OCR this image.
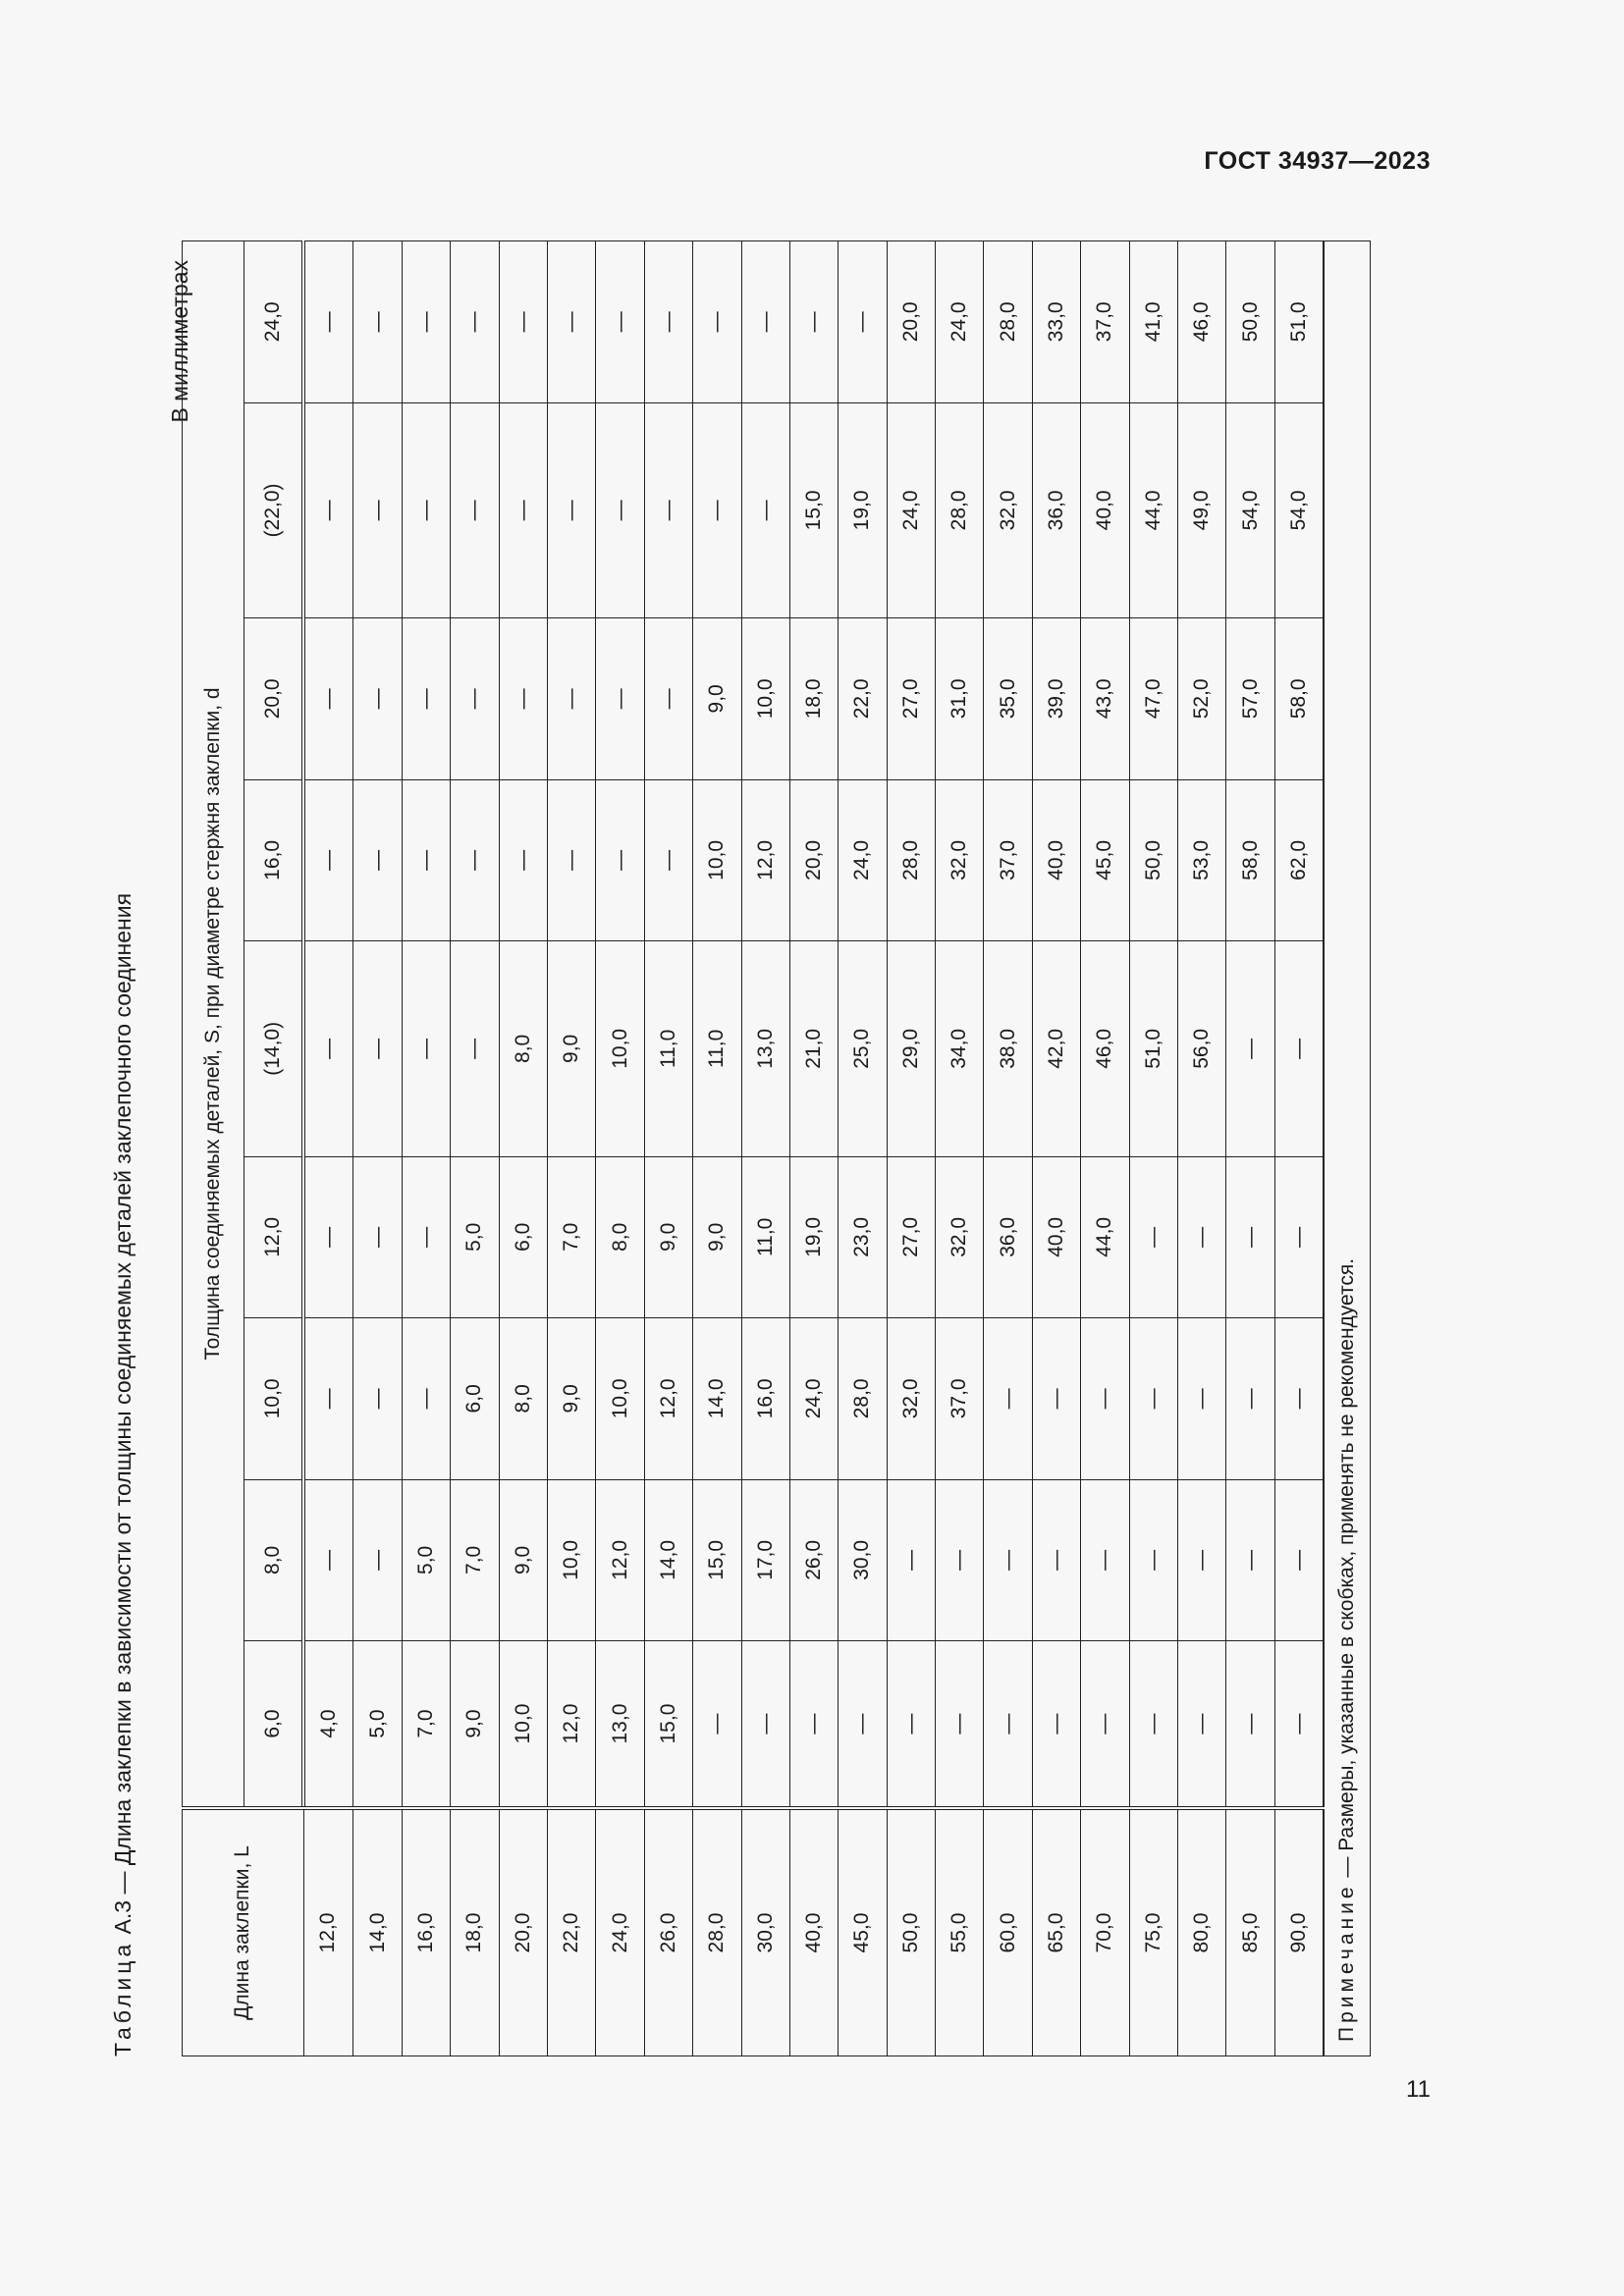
ГОСТ 34937—2023
Таблица А.3 — Длина заклепки в зависимости от толщины соединяемых деталей заклепочного соединения
В миллиметрах
Длина заклепки, L	Толщина соединяемых деталей, S, при диаметре стержня заклепки, d								
	6,0	8,0	10,0	12,0	(14,0)	16,0	20,0	(22,0)	24,0
12,0	4,0	—	—	—	—	—	—	—	—
14,0	5,0	—	—	—	—	—	—	—	—
16,0	7,0	5,0	—	—	—	—	—	—	—
18,0	9,0	7,0	6,0	5,0	—	—	—	—	—
20,0	10,0	9,0	8,0	6,0	8,0	—	—	—	—
22,0	12,0	10,0	9,0	7,0	9,0	—	—	—	—
24,0	13,0	12,0	10,0	8,0	10,0	—	—	—	—
26,0	15,0	14,0	12,0	9,0	11,0	—	—	—	—
28,0	—	15,0	14,0	9,0	11,0	10,0	9,0	—	—
30,0	—	17,0	16,0	11,0	13,0	12,0	10,0	—	—
40,0	—	26,0	24,0	19,0	21,0	20,0	18,0	15,0	—
45,0	—	30,0	28,0	23,0	25,0	24,0	22,0	19,0	—
50,0	—	—	32,0	27,0	29,0	28,0	27,0	24,0	20,0
55,0	—	—	37,0	32,0	34,0	32,0	31,0	28,0	24,0
60,0	—	—	—	36,0	38,0	37,0	35,0	32,0	28,0
65,0	—	—	—	40,0	42,0	40,0	39,0	36,0	33,0
70,0	—	—	—	44,0	46,0	45,0	43,0	40,0	37,0
75,0	—	—	—	—	51,0	50,0	47,0	44,0	41,0
80,0	—	—	—	—	56,0	53,0	52,0	49,0	46,0
85,0	—	—	—	—	—	58,0	57,0	54,0	50,0
90,0	—	—	—	—	—	62,0	58,0	54,0	51,0
Примечание — Размеры, указанные в скобках, применять не рекомендуется.									
11
